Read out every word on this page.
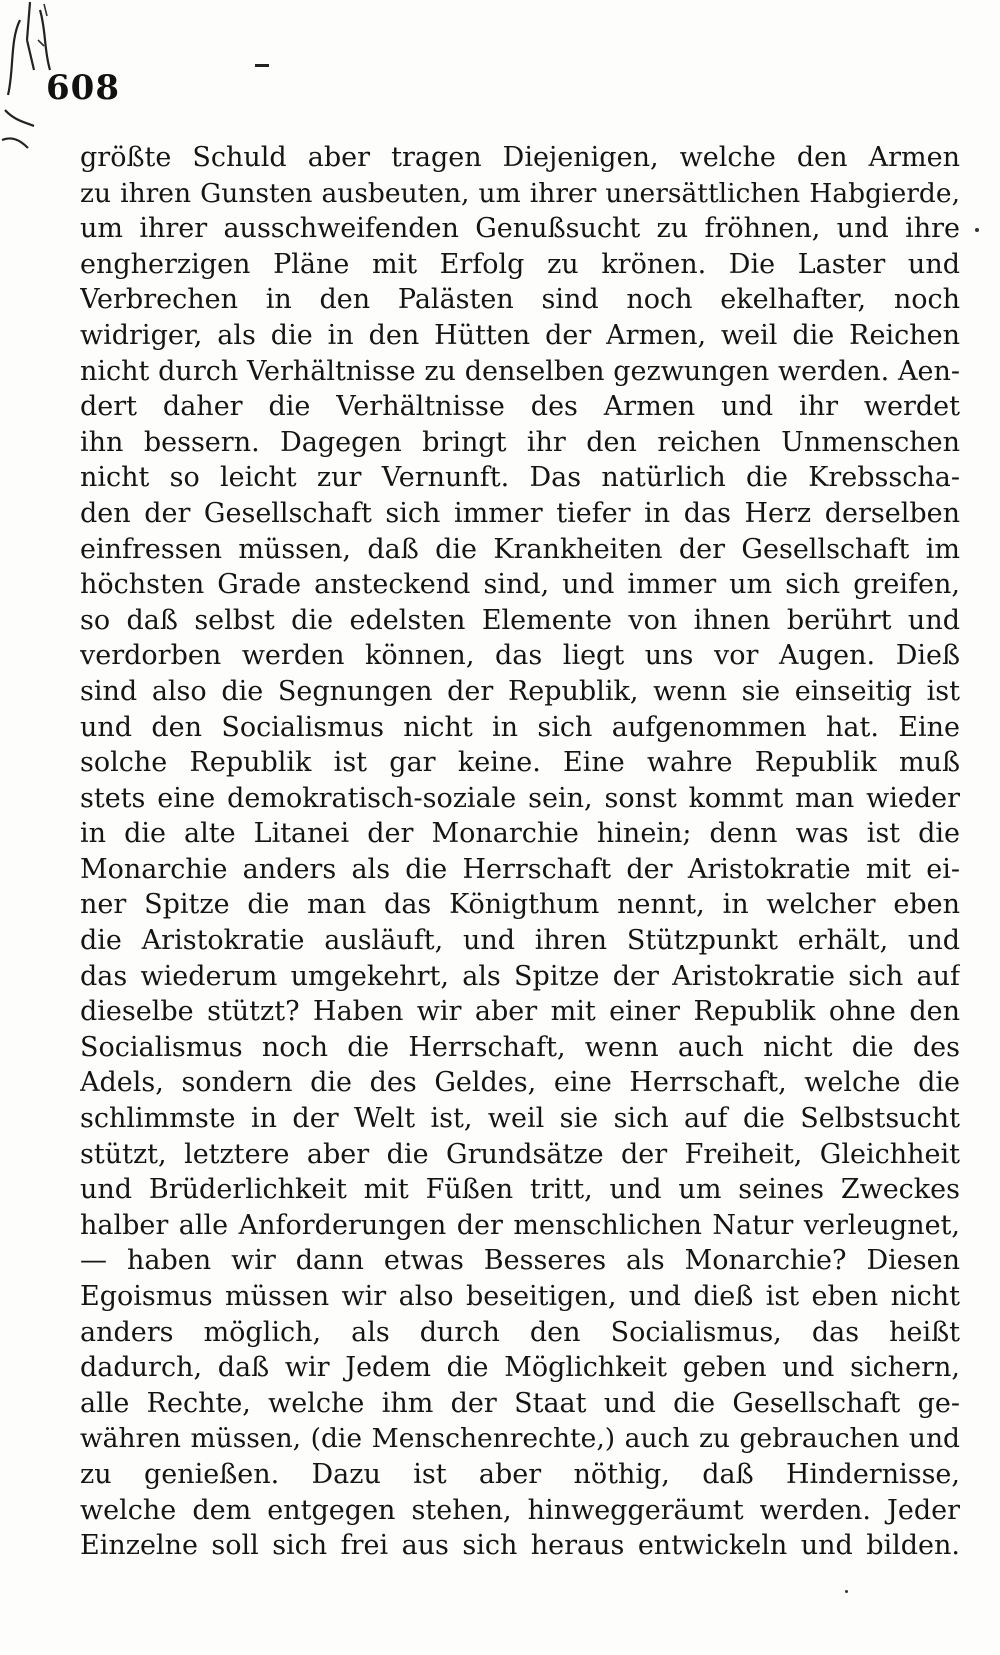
608
größte Schuld aber tragen Diejenigen, welche den Armen
zu ihren Gunsten ausbeuten, um ihrer unersättlichen Habgierde,
um ihrer ausschweifenden Genußsucht zu fröhnen, und ihre
engherzigen Pläne mit Erfolg zu krönen. Die Laster und
Verbrechen in den Palästen sind noch ekelhafter, noch
widriger, als die in den Hütten der Armen, weil die Reichen
nicht durch Verhältnisse zu denselben gezwungen werden. Aen-
dert daher die Verhältnisse des Armen und ihr werdet
ihn bessern. Dagegen bringt ihr den reichen Unmenschen
nicht so leicht zur Vernunft. Das natürlich die Krebsscha-
den der Gesellschaft sich immer tiefer in das Herz derselben
einfressen müssen, daß die Krankheiten der Gesellschaft im
höchsten Grade ansteckend sind, und immer um sich greifen,
so daß selbst die edelsten Elemente von ihnen berührt und
verdorben werden können, das liegt uns vor Augen. Dieß
sind also die Segnungen der Republik, wenn sie einseitig ist
und den Socialismus nicht in sich aufgenommen hat. Eine
solche Republik ist gar keine. Eine wahre Republik muß
stets eine demokratisch-soziale sein, sonst kommt man wieder
in die alte Litanei der Monarchie hinein; denn was ist die
Monarchie anders als die Herrschaft der Aristokratie mit ei-
ner Spitze die man das Königthum nennt, in welcher eben
die Aristokratie ausläuft, und ihren Stützpunkt erhält, und
das wiederum umgekehrt, als Spitze der Aristokratie sich auf
dieselbe stützt? Haben wir aber mit einer Republik ohne den
Socialismus noch die Herrschaft, wenn auch nicht die des
Adels, sondern die des Geldes, eine Herrschaft, welche die
schlimmste in der Welt ist, weil sie sich auf die Selbstsucht
stützt, letztere aber die Grundsätze der Freiheit, Gleichheit
und Brüderlichkeit mit Füßen tritt, und um seines Zweckes
halber alle Anforderungen der menschlichen Natur verleugnet,
— haben wir dann etwas Besseres als Monarchie? Diesen
Egoismus müssen wir also beseitigen, und dieß ist eben nicht
anders möglich, als durch den Socialismus, das heißt
dadurch, daß wir Jedem die Möglichkeit geben und sichern,
alle Rechte, welche ihm der Staat und die Gesellschaft ge-
währen müssen, (die Menschenrechte,) auch zu gebrauchen und
zu genießen. Dazu ist aber nöthig, daß Hindernisse,
welche dem entgegen stehen, hinweggeräumt werden. Jeder
Einzelne soll sich frei aus sich heraus entwickeln und bilden.
